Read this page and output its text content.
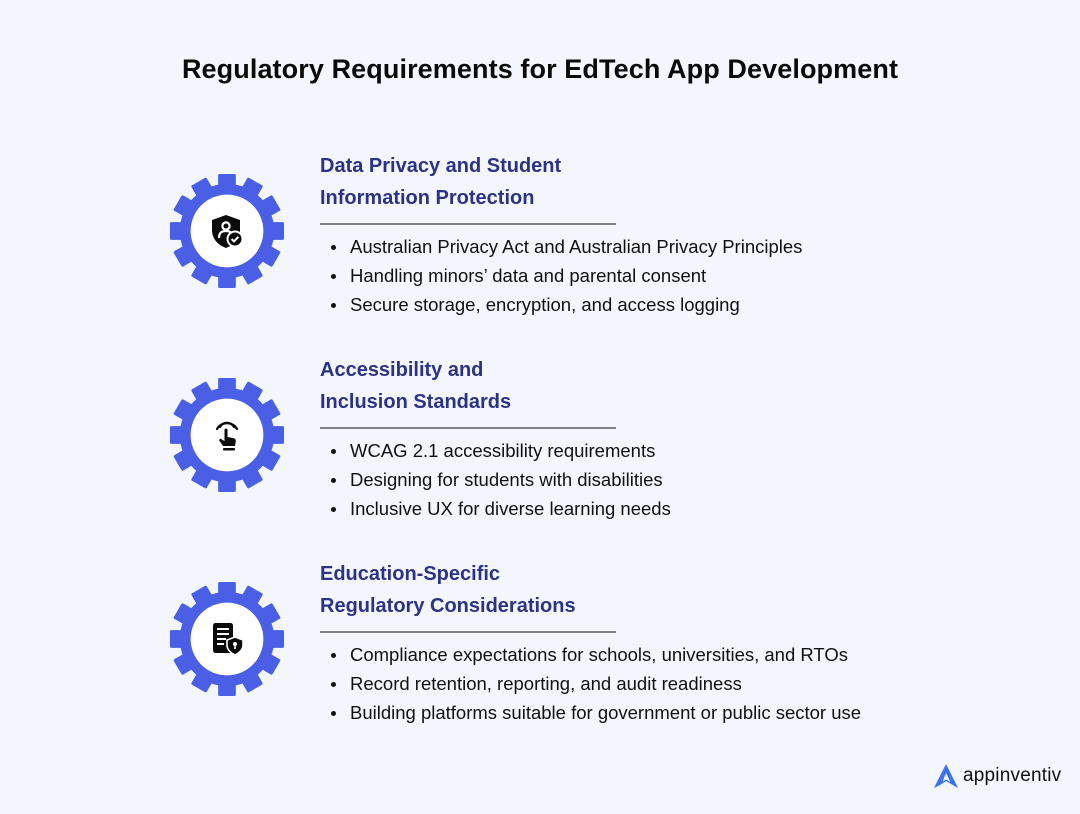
Regulatory Requirements for EdTech App Development
Data Privacy and Student
Information Protection
Australian Privacy Act and Australian Privacy Principles
Handling minors’ data and parental consent
Secure storage, encryption, and access logging
Accessibility and
Inclusion Standards
WCAG 2.1 accessibility requirements
Designing for students with disabilities
Inclusive UX for diverse learning needs
Education-Specific
Regulatory Considerations
Compliance expectations for schools, universities, and RTOs
Record retention, reporting, and audit readiness
Building platforms suitable for government or public sector use
appinventiv
